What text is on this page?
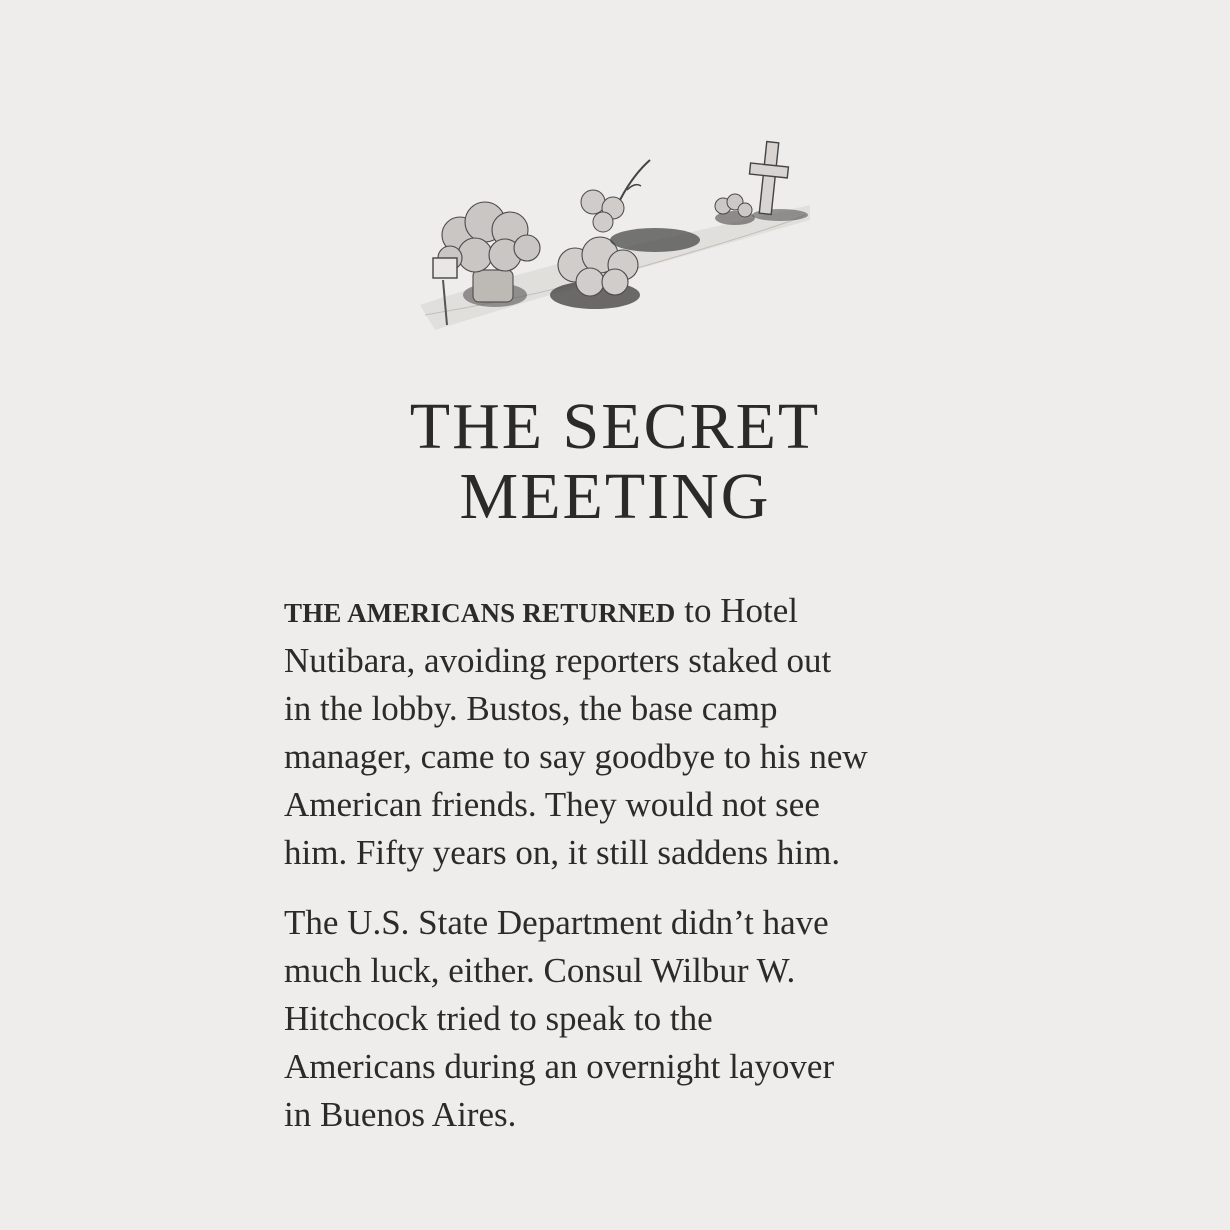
THE SECRET
MEETING

THE AMERICANS RETURNED to Hotel
Nutibara, avoiding reporters staked out
in the lobby. Bustos, the base camp
manager, came to say goodbye to his new
American friends. They would not see
him. Fifty years on, it still saddens him.

The U.S. State Department didn’t have
much luck, either. Consul Wilbur W.
Hitchcock tried to speak to the
Americans during an overnight layover
in Buenos Aires.
